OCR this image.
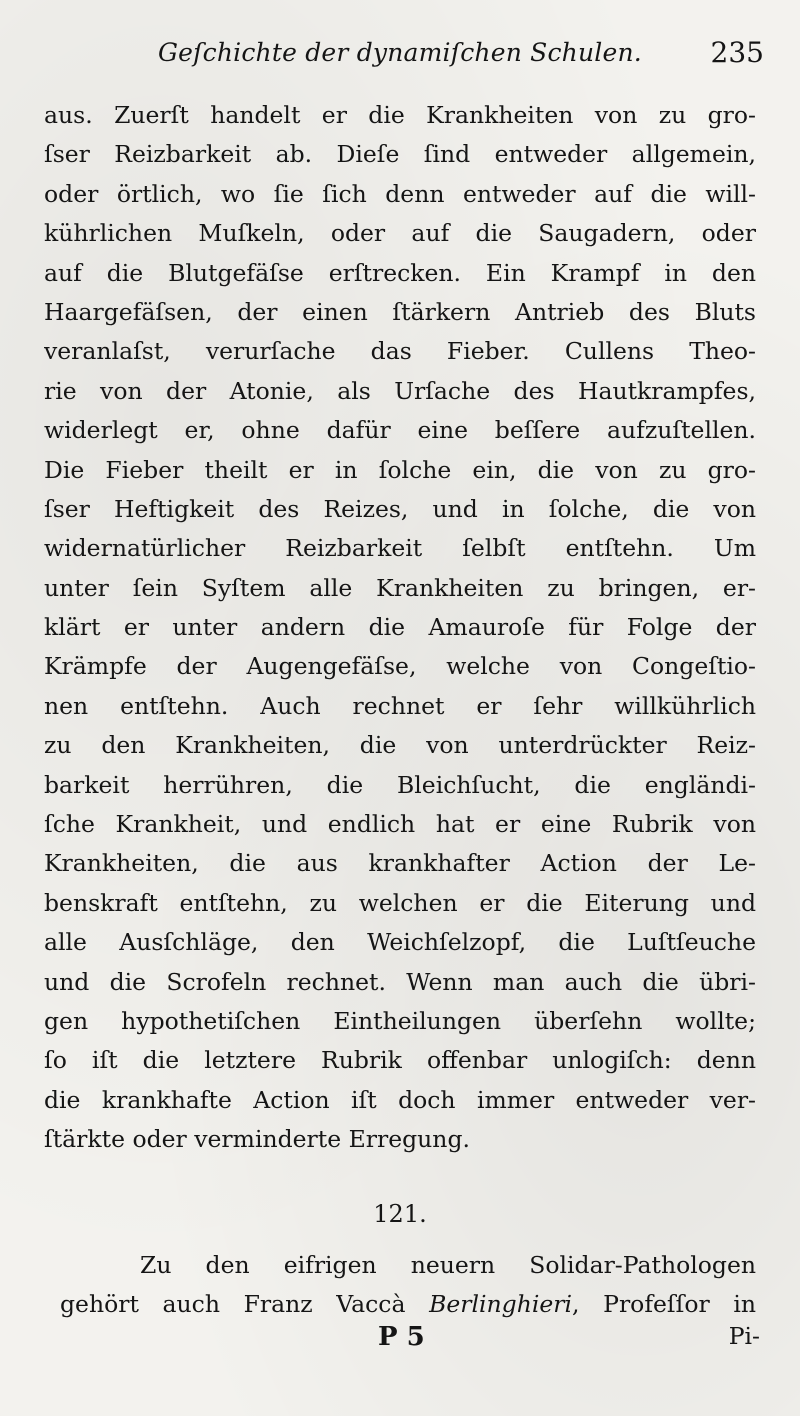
Geſchichte der dynamiſchen Schulen. 235
aus. Zuerſt handelt er die Krankheiten von zu gro-
ſser Reizbarkeit ab. Dieſe ſind entweder allgemein,
oder örtlich, wo ſie ſich denn entweder auf die will-
kührlichen Muſkeln, oder auf die Saugadern, oder
auf die Blutgefäſse erſtrecken. Ein Krampf in den
Haargefäſsen, der einen ſtärkern Antrieb des Bluts
veranlaſst, verurſache das Fieber. Cullens Theo-
rie von der Atonie, als Urſache des Hautkrampfes,
widerlegt er, ohne dafür eine beſſere aufzuſtellen.
Die Fieber theilt er in ſolche ein, die von zu gro-
ſser Heftigkeit des Reizes, und in ſolche, die von
widernatürlicher Reizbarkeit ſelbſt entſtehn. Um
unter ſein Syſtem alle Krankheiten zu bringen, er-
klärt er unter andern die Amauroſe für Folge der
Krämpfe der Augengefäſse, welche von Congeſtio-
nen entſtehn. Auch rechnet er ſehr willkührlich
zu den Krankheiten, die von unterdrückter Reiz-
barkeit herrühren, die Bleichſucht, die engländi-
ſche Krankheit, und endlich hat er eine Rubrik von
Krankheiten, die aus krankhafter Action der Le-
benskraft entſtehn, zu welchen er die Eiterung und
alle Ausſchläge, den Weichſelzopf, die Luſtſeuche
und die Scrofeln rechnet. Wenn man auch die übri-
gen hypothetiſchen Eintheilungen überſehn wollte;
ſo iſt die letztere Rubrik offenbar unlogiſch: denn
die krankhafte Action iſt doch immer entweder ver-
ſtärkte oder verminderte Erregung.
121.
Zu den eifrigen neuern Solidar-Pathologen
gehört auch Franz Vaccà Berlinghieri, Profeſſor in
P 5	Pi-
